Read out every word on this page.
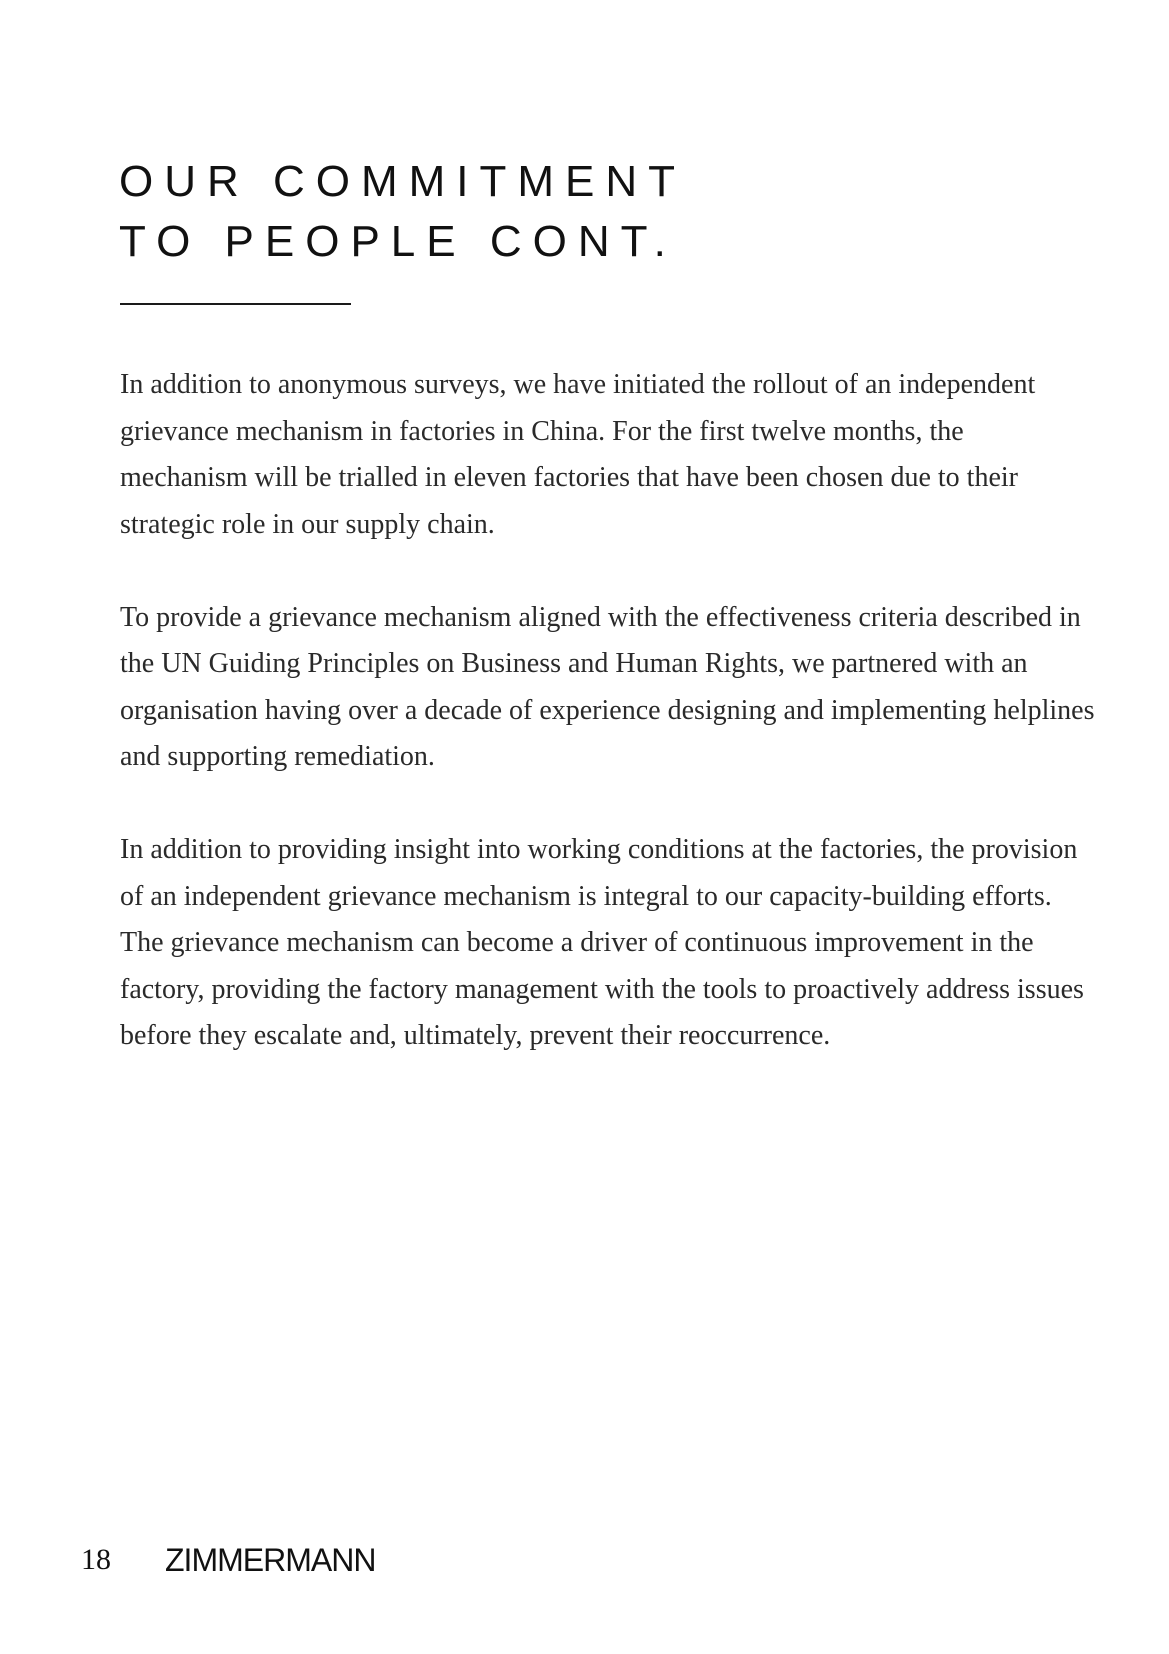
OUR COMMITMENT
TO PEOPLE CONT.

In addition to anonymous surveys, we have initiated the rollout of an independent grievance mechanism in factories in China. For the first twelve months, the mechanism will be trialled in eleven factories that have been chosen due to their strategic role in our supply chain.

To provide a grievance mechanism aligned with the effectiveness criteria described in the UN Guiding Principles on Business and Human Rights, we partnered with an organisation having over a decade of experience designing and implementing helplines and supporting remediation.

In addition to providing insight into working conditions at the factories, the provision of an independent grievance mechanism is integral to our capacity-building efforts. The grievance mechanism can become a driver of continuous improvement in the factory, providing the factory management with the tools to proactively address issues before they escalate and, ultimately, prevent their reoccurrence.

18 ZIMMERMANN
